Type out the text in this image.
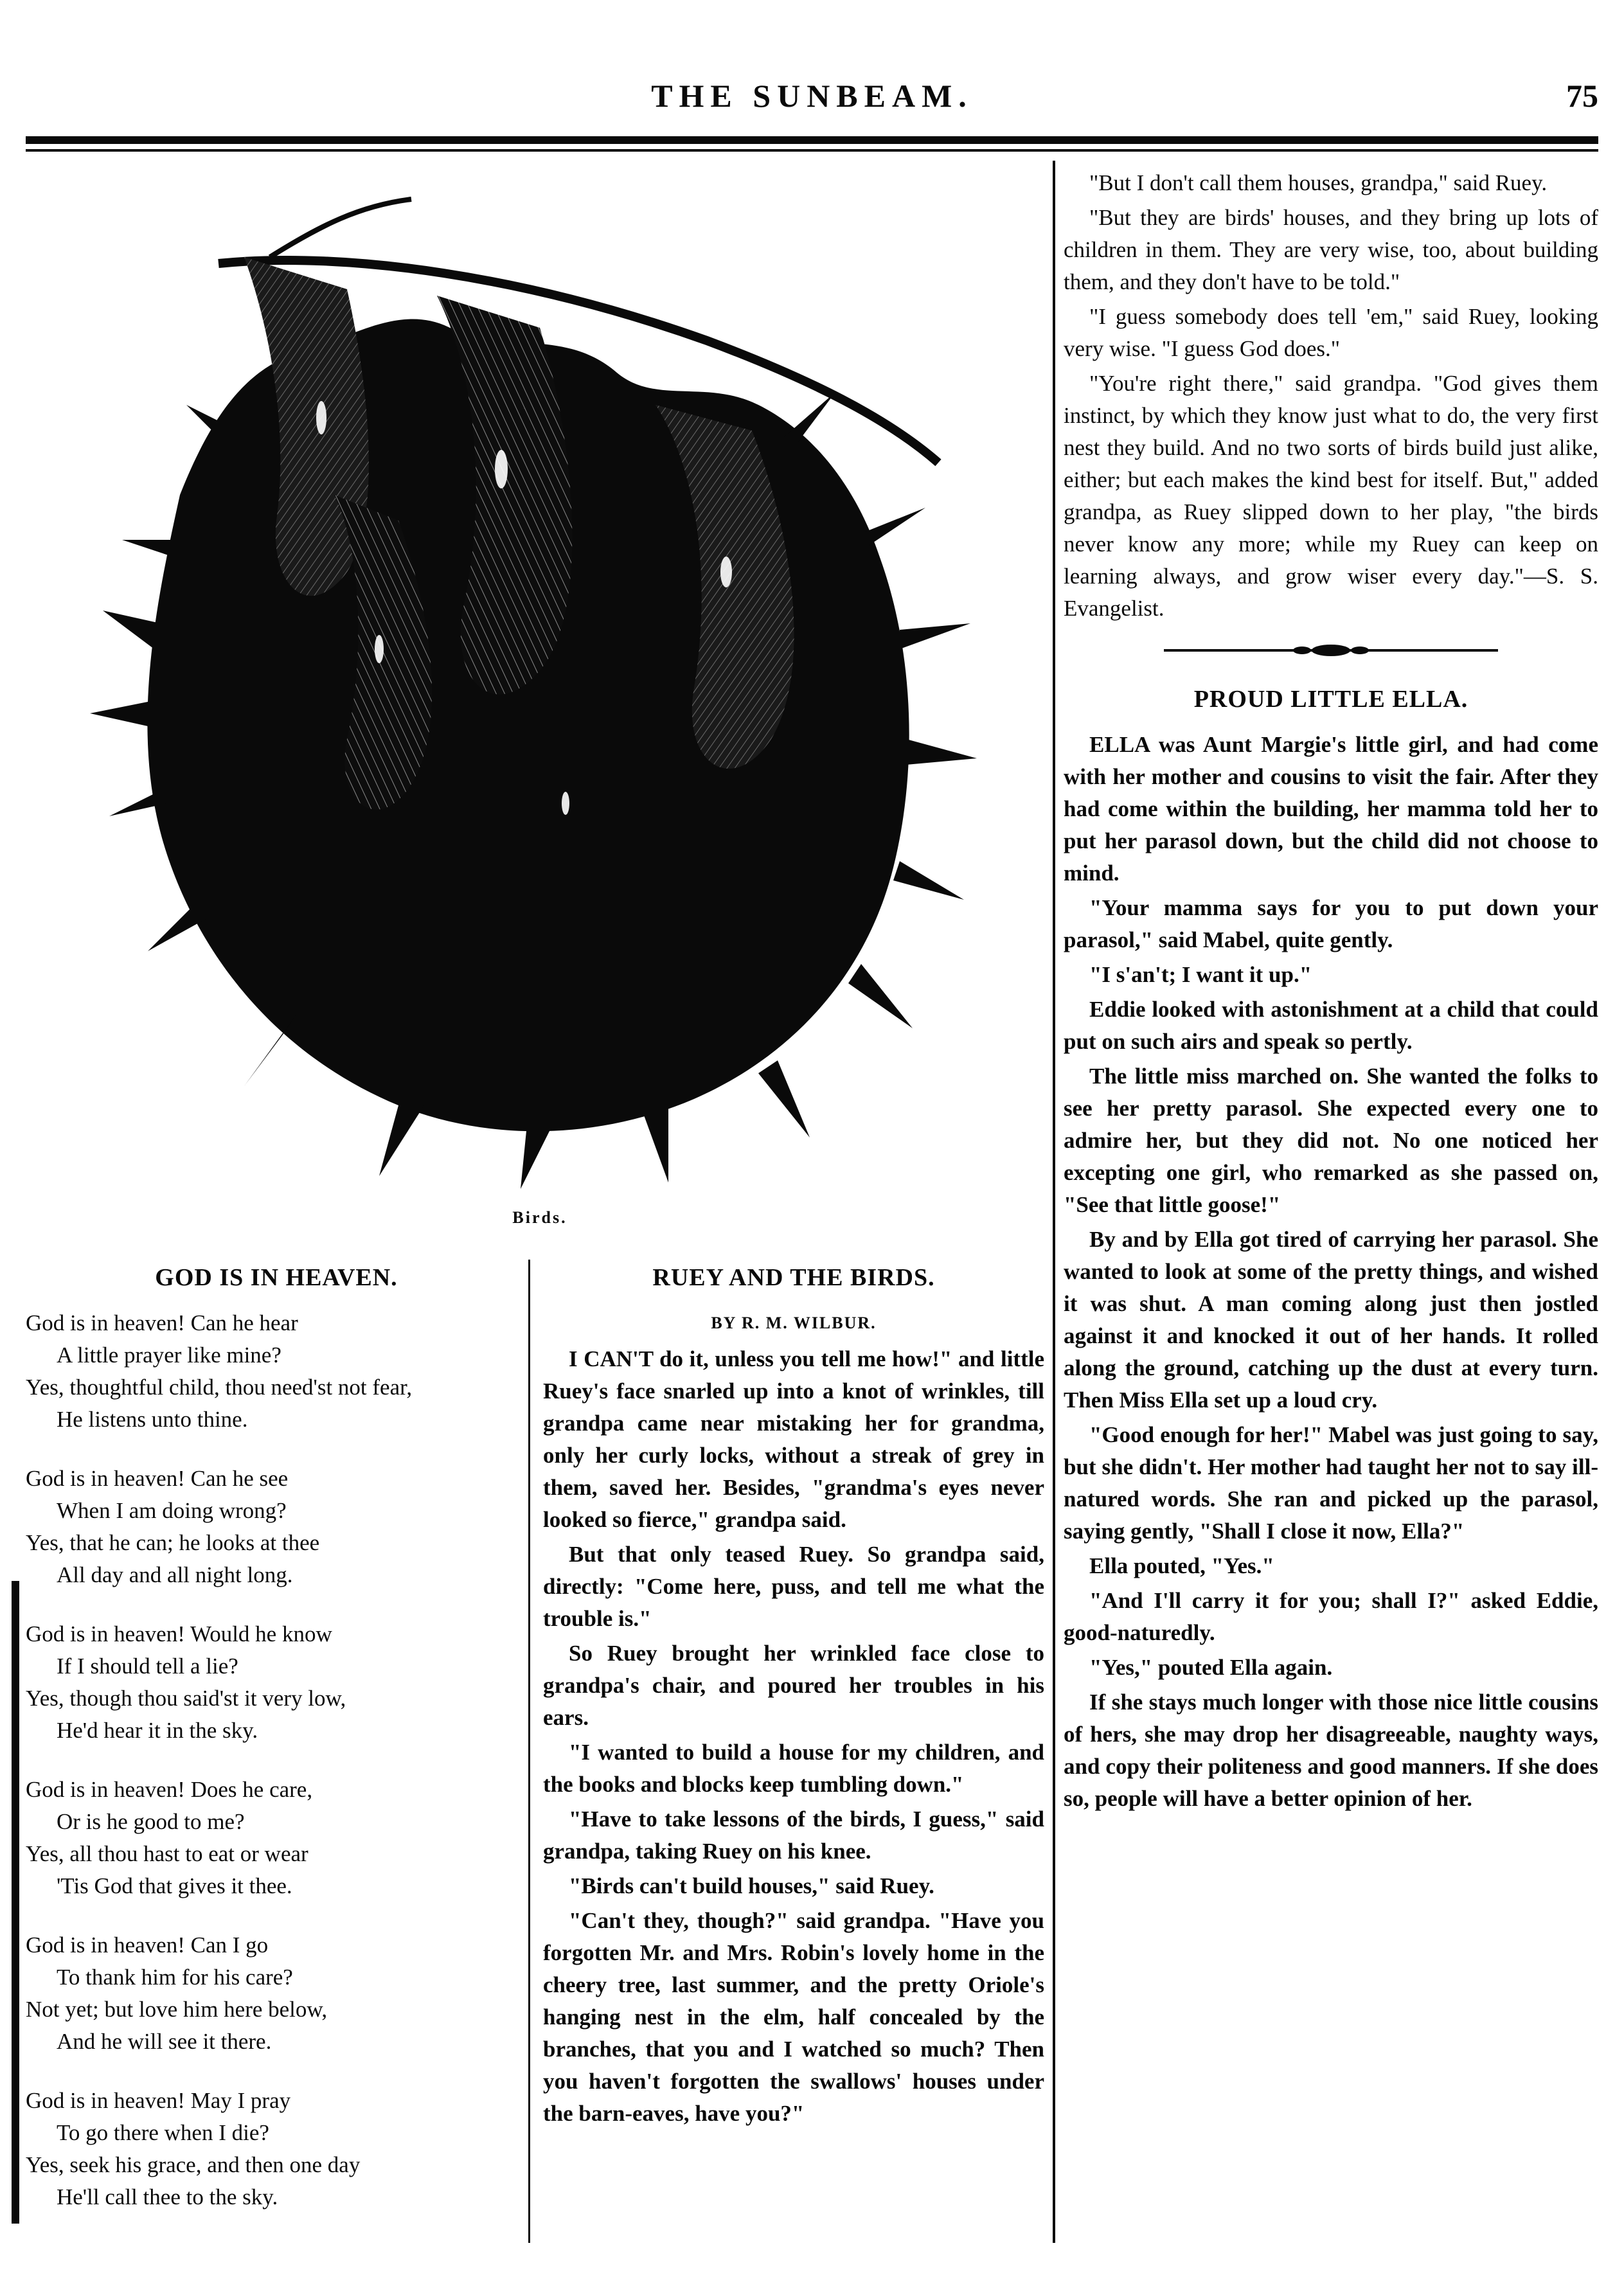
THE SUNBEAM.	75
Birds.
GOD IS IN HEAVEN.
God is in heaven! Can he hear
A little prayer like mine?
Yes, thoughtful child, thou need'st not fear,
He listens unto thine.
God is in heaven! Can he see
When I am doing wrong?
Yes, that he can; he looks at thee
All day and all night long.
God is in heaven! Would he know
If I should tell a lie?
Yes, though thou said'st it very low,
He'd hear it in the sky.
God is in heaven! Does he care,
Or is he good to me?
Yes, all thou hast to eat or wear
'Tis God that gives it thee.
God is in heaven! Can I go
To thank him for his care?
Not yet; but love him here below,
And he will see it there.
God is in heaven! May I pray
To go there when I die?
Yes, seek his grace, and then one day
He'll call thee to the sky.
RUEY AND THE BIRDS.
BY R. M. WILBUR.

I CAN'T do it, unless you tell me how!" and little Ruey's face snarled up into a knot of wrinkles, till grandpa came near mistaking her for grandma, only her curly locks, without a streak of grey in them, saved her. Besides, "grandma's eyes never looked so fierce," grandpa said.

But that only teased Ruey. So grandpa said, directly: "Come here, puss, and tell me what the trouble is."

So Ruey brought her wrinkled face close to grandpa's chair, and poured her troubles in his ears.

"I wanted to build a house for my children, and the books and blocks keep tumbling down."

"Have to take lessons of the birds, I guess," said grandpa, taking Ruey on his knee.

"Birds can't build houses," said Ruey.

"Can't they, though?" said grandpa. "Have you forgotten Mr. and Mrs. Robin's lovely home in the cheery tree, last summer, and the pretty Oriole's hanging nest in the elm, half concealed by the branches, that you and I watched so much? Then you haven't forgotten the swallows' houses under the barn-eaves, have you?"

"But I don't call them houses, grandpa," said Ruey.

"But they are birds' houses, and they bring up lots of children in them. They are very wise, too, about building them, and they don't have to be told."

"I guess somebody does tell 'em," said Ruey, looking very wise. "I guess God does."

"You're right there," said grandpa. "God gives them instinct, by which they know just what to do, the very first nest they build. And no two sorts of birds build just alike, either; but each makes the kind best for itself. But," added grandpa, as Ruey slipped down to her play, "the birds never know any more; while my Ruey can keep on learning always, and grow wiser every day."—S. S. Evangelist.

PROUD LITTLE ELLA.

ELLA was Aunt Margie's little girl, and had come with her mother and cousins to visit the fair. After they had come within the building, her mamma told her to put her parasol down, but the child did not choose to mind.

"Your mamma says for you to put down your parasol," said Mabel, quite gently.

"I s'an't; I want it up."

Eddie looked with astonishment at a child that could put on such airs and speak so pertly.

The little miss marched on. She wanted the folks to see her pretty parasol. She expected every one to admire her, but they did not. No one noticed her excepting one girl, who remarked as she passed on, "See that little goose!"

By and by Ella got tired of carrying her parasol. She wanted to look at some of the pretty things, and wished it was shut. A man coming along just then jostled against it and knocked it out of her hands. It rolled along the ground, catching up the dust at every turn. Then Miss Ella set up a loud cry.

"Good enough for her!" Mabel was just going to say, but she didn't. Her mother had taught her not to say ill-natured words. She ran and picked up the parasol, saying gently, "Shall I close it now, Ella?"

Ella pouted, "Yes."

"And I'll carry it for you; shall I?" asked Eddie, good-naturedly.

"Yes," pouted Ella again.

If she stays much longer with those nice little cousins of hers, she may drop her disagreeable, naughty ways, and copy their politeness and good manners. If she does so, people will have a better opinion of her.
